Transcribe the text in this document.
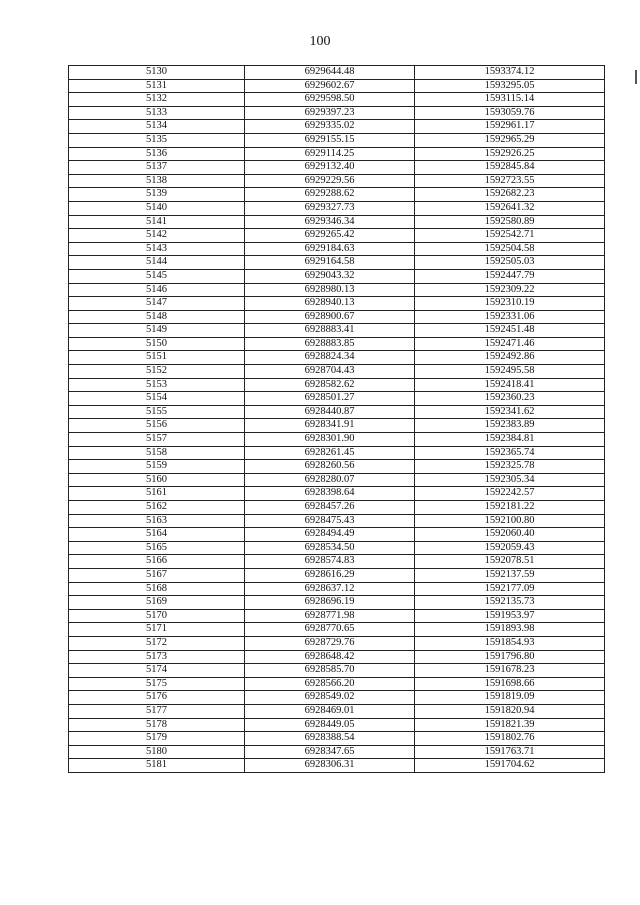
100
5130	6929644.48	1593374.12
5131	6929602.67	1593295.05
5132	6929598.50	1593115.14
5133	6929397.23	1593059.76
5134	6929335.02	1592961.17
5135	6929155.15	1592965.29
5136	6929114.25	1592926.25
5137	6929132.40	1592845.84
5138	6929229.56	1592723.55
5139	6929288.62	1592682.23
5140	6929327.73	1592641.32
5141	6929346.34	1592580.89
5142	6929265.42	1592542.71
5143	6929184.63	1592504.58
5144	6929164.58	1592505.03
5145	6929043.32	1592447.79
5146	6928980.13	1592309.22
5147	6928940.13	1592310.19
5148	6928900.67	1592331.06
5149	6928883.41	1592451.48
5150	6928883.85	1592471.46
5151	6928824.34	1592492.86
5152	6928704.43	1592495.58
5153	6928582.62	1592418.41
5154	6928501.27	1592360.23
5155	6928440.87	1592341.62
5156	6928341.91	1592383.89
5157	6928301.90	1592384.81
5158	6928261.45	1592365.74
5159	6928260.56	1592325.78
5160	6928280.07	1592305.34
5161	6928398.64	1592242.57
5162	6928457.26	1592181.22
5163	6928475.43	1592100.80
5164	6928494.49	1592060.40
5165	6928534.50	1592059.43
5166	6928574.83	1592078.51
5167	6928616.29	1592137.59
5168	6928637.12	1592177.09
5169	6928696.19	1592135.73
5170	6928771.98	1591953.97
5171	6928770.65	1591893.98
5172	6928729.76	1591854.93
5173	6928648.42	1591796.80
5174	6928585.70	1591678.23
5175	6928566.20	1591698.66
5176	6928549.02	1591819.09
5177	6928469.01	1591820.94
5178	6928449.05	1591821.39
5179	6928388.54	1591802.76
5180	6928347.65	1591763.71
5181	6928306.31	1591704.62
